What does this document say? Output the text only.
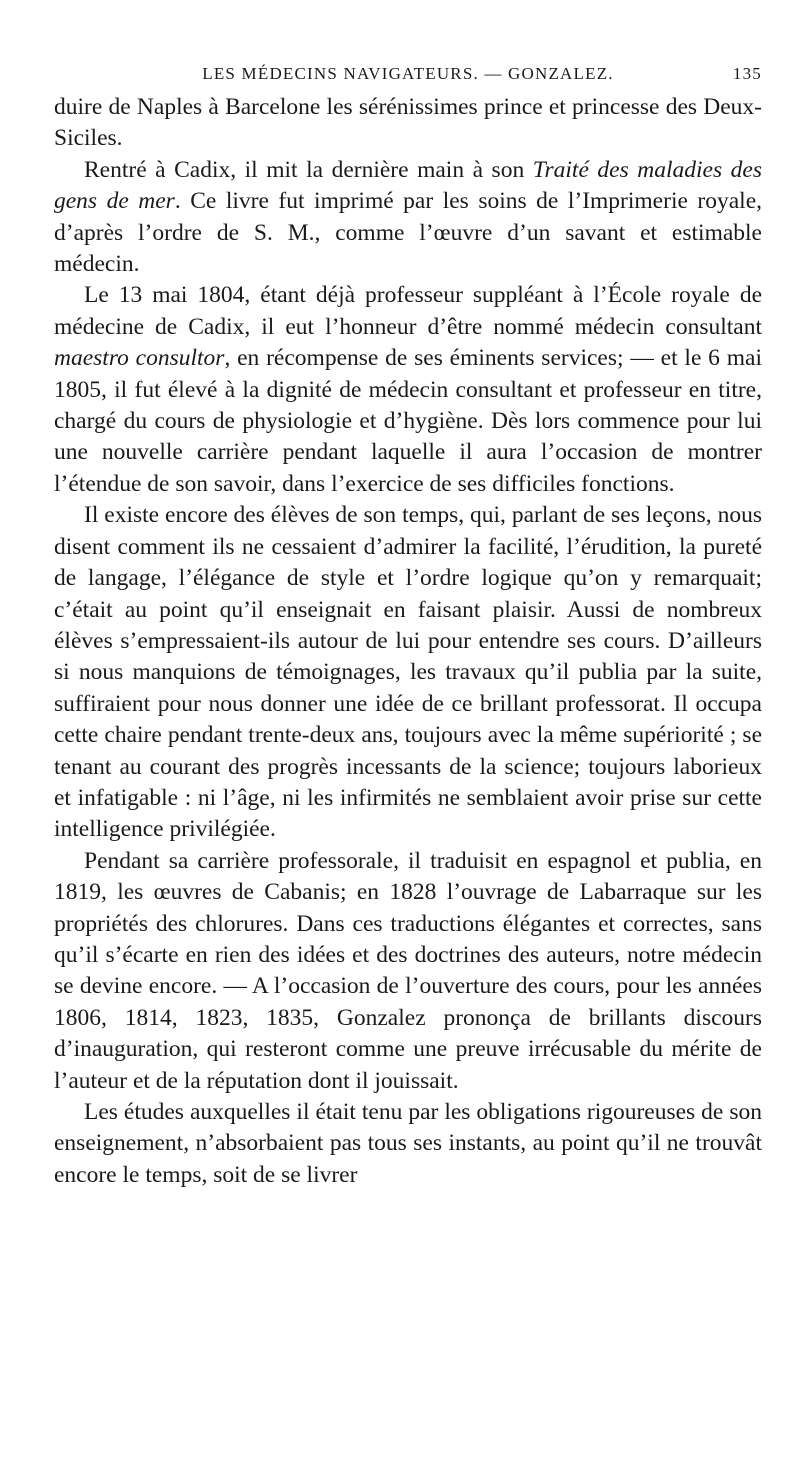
LES MÉDECINS NAVIGATEURS. — GONZALEZ.	135

duire de Naples à Barcelone les sérénissimes prince et princesse des Deux-Siciles.

Rentré à Cadix, il mit la dernière main à son Traité des maladies des gens de mer. Ce livre fut imprimé par les soins de l’Imprimerie royale, d’après l’ordre de S. M., comme l’œuvre d’un savant et estimable médecin.

Le 13 mai 1804, étant déjà professeur suppléant à l’École royale de médecine de Cadix, il eut l’honneur d’être nommé médecin consultant maestro consultor, en récompense de ses éminents services; — et le 6 mai 1805, il fut élevé à la dignité de médecin consultant et professeur en titre, chargé du cours de physiologie et d’hygiène. Dès lors commence pour lui une nouvelle carrière pendant laquelle il aura l’occasion de montrer l’étendue de son savoir, dans l’exercice de ses difficiles fonctions.

Il existe encore des élèves de son temps, qui, parlant de ses leçons, nous disent comment ils ne cessaient d’admirer la facilité, l’érudition, la pureté de langage, l’élégance de style et l’ordre logique qu’on y remarquait; c’était au point qu’il enseignait en faisant plaisir. Aussi de nombreux élèves s’empressaient-ils autour de lui pour entendre ses cours. D’ailleurs si nous manquions de témoignages, les travaux qu’il publia par la suite, suffiraient pour nous donner une idée de ce brillant professorat. Il occupa cette chaire pendant trente-deux ans, toujours avec la même supériorité ; se tenant au courant des progrès incessants de la science; toujours laborieux et infatigable : ni l’âge, ni les infirmités ne semblaient avoir prise sur cette intelligence privilégiée.

Pendant sa carrière professorale, il traduisit en espagnol et publia, en 1819, les œuvres de Cabanis; en 1828 l’ouvrage de Labarraque sur les propriétés des chlorures. Dans ces traductions élégantes et correctes, sans qu’il s’écarte en rien des idées et des doctrines des auteurs, notre médecin se devine encore. — A l’occasion de l’ouverture des cours, pour les années 1806, 1814, 1823, 1835, Gonzalez prononça de brillants discours d’inauguration, qui resteront comme une preuve irrécusable du mérite de l’auteur et de la réputation dont il jouissait.

Les études auxquelles il était tenu par les obligations rigoureuses de son enseignement, n’absorbaient pas tous ses instants, au point qu’il ne trouvât encore le temps, soit de se livrer
